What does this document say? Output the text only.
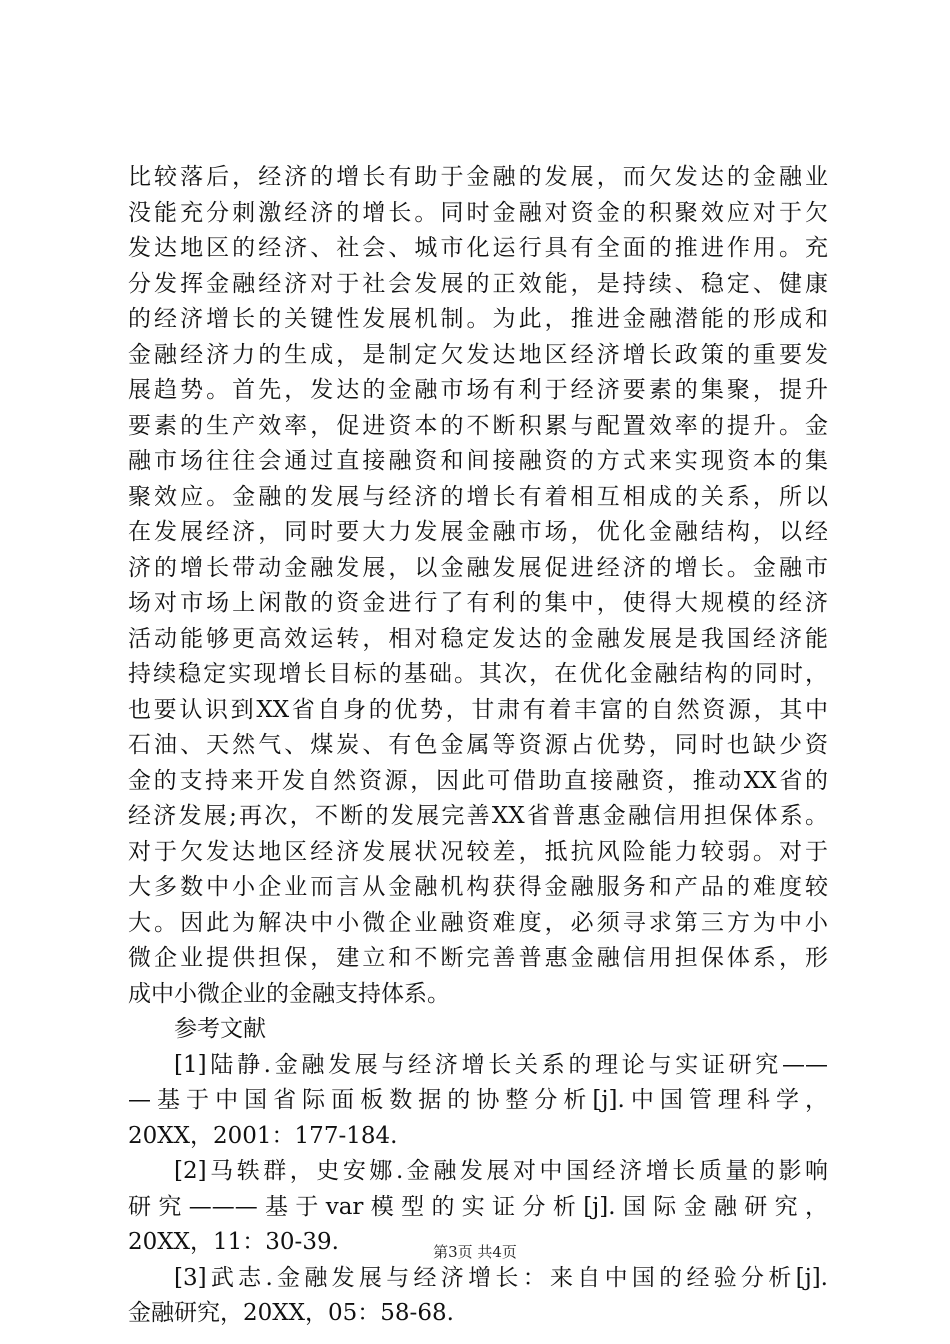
比较落后，经济的增长有助于金融的发展，而欠发达的金融业
没能充分刺激经济的增长。同时金融对资金的积聚效应对于欠
发达地区的经济、社会、城市化运行具有全面的推进作用。充
分发挥金融经济对于社会发展的正效能，是持续、稳定、健康
的经济增长的关键性发展机制。为此，推进金融潜能的形成和
金融经济力的生成，是制定欠发达地区经济增长政策的重要发
展趋势。首先，发达的金融市场有利于经济要素的集聚，提升
要素的生产效率，促进资本的不断积累与配置效率的提升。金
融市场往往会通过直接融资和间接融资的方式来实现资本的集
聚效应。金融的发展与经济的增长有着相互相成的关系，所以
在发展经济，同时要大力发展金融市场，优化金融结构，以经
济的增长带动金融发展，以金融发展促进经济的增长。金融市
场对市场上闲散的资金进行了有利的集中，使得大规模的经济
活动能够更高效运转，相对稳定发达的金融发展是我国经济能
持续稳定实现增长目标的基础。其次，在优化金融结构的同时，
也要认识到XX省自身的优势，甘肃有着丰富的自然资源，其中
石油、天然气、煤炭、有色金属等资源占优势，同时也缺少资
金的支持来开发自然资源，因此可借助直接融资，推动XX省的
经济发展;再次，不断的发展完善XX省普惠金融信用担保体系。
对于欠发达地区经济发展状况较差，抵抗风险能力较弱。对于
大多数中小企业而言从金融机构获得金融服务和产品的难度较
大。因此为解决中小微企业融资难度，必须寻求第三方为中小
微企业提供担保，建立和不断完善普惠金融信用担保体系，形
成中小微企业的金融支持体系。
参考文献
[1]陆静.金融发展与经济增长关系的理论与实证研究——
—基于中国省际面板数据的协整分析[j].中国管理科学，
20XX，2001：177-184.
[2]马轶群，史安娜.金融发展对中国经济增长质量的影响
研究———基于var模型的实证分析[j].国际金融研究，
20XX，11：30-39.
[3]武志.金融发展与经济增长：来自中国的经验分析[j].
金融研究，20XX，05：58-68.
第3页 共4页
